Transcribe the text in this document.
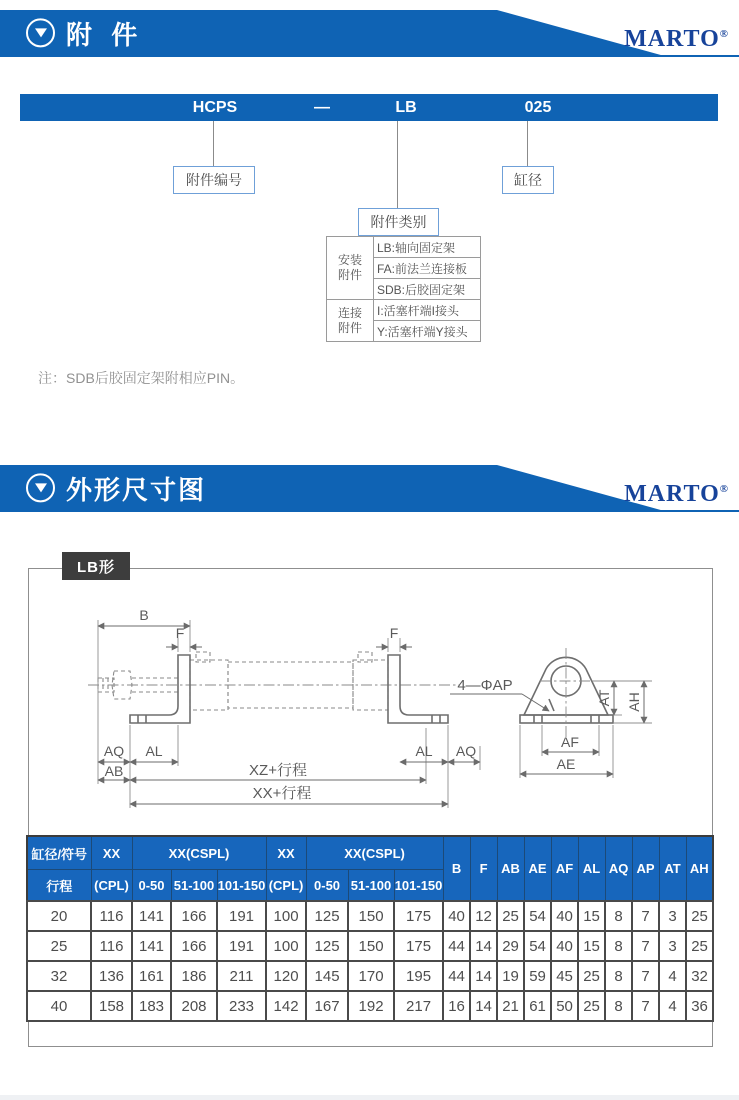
附 件	MARTO®
HCPS	—	LB	025
附件编号	缸径
附件类别
安装附件	LB:轴向固定架
	FA:前法兰连接板
	SDB:后胶固定架
连接附件	I:活塞杆端I接头
	Y:活塞杆端Y接头
注：SDB后胶固定架附相应PIN。
外形尺寸图	MARTO®
LB形
B
F	F
AQ AL	AL AQ
AB	XZ+行程
XX+行程
4—ΦAP
AT AH
AF
AE
缸径/符号	XX	XX(CSPL)			XX	XX(CSPL)			B	F	AB	AE	AF	AL	AQ	AP	AT	AH
行程	(CPL)	0-50	51-100	101-150	(CPL)	0-50	51-100	101-150										
20	116	141	166	191	100	125	150	175	40	12	25	54	40	15	8	7	3	25
25	116	141	166	191	100	125	150	175	44	14	29	54	40	15	8	7	3	25
32	136	161	186	211	120	145	170	195	44	14	19	59	45	25	8	7	4	32
40	158	183	208	233	142	167	192	217	16	14	21	61	50	25	8	7	4	36
